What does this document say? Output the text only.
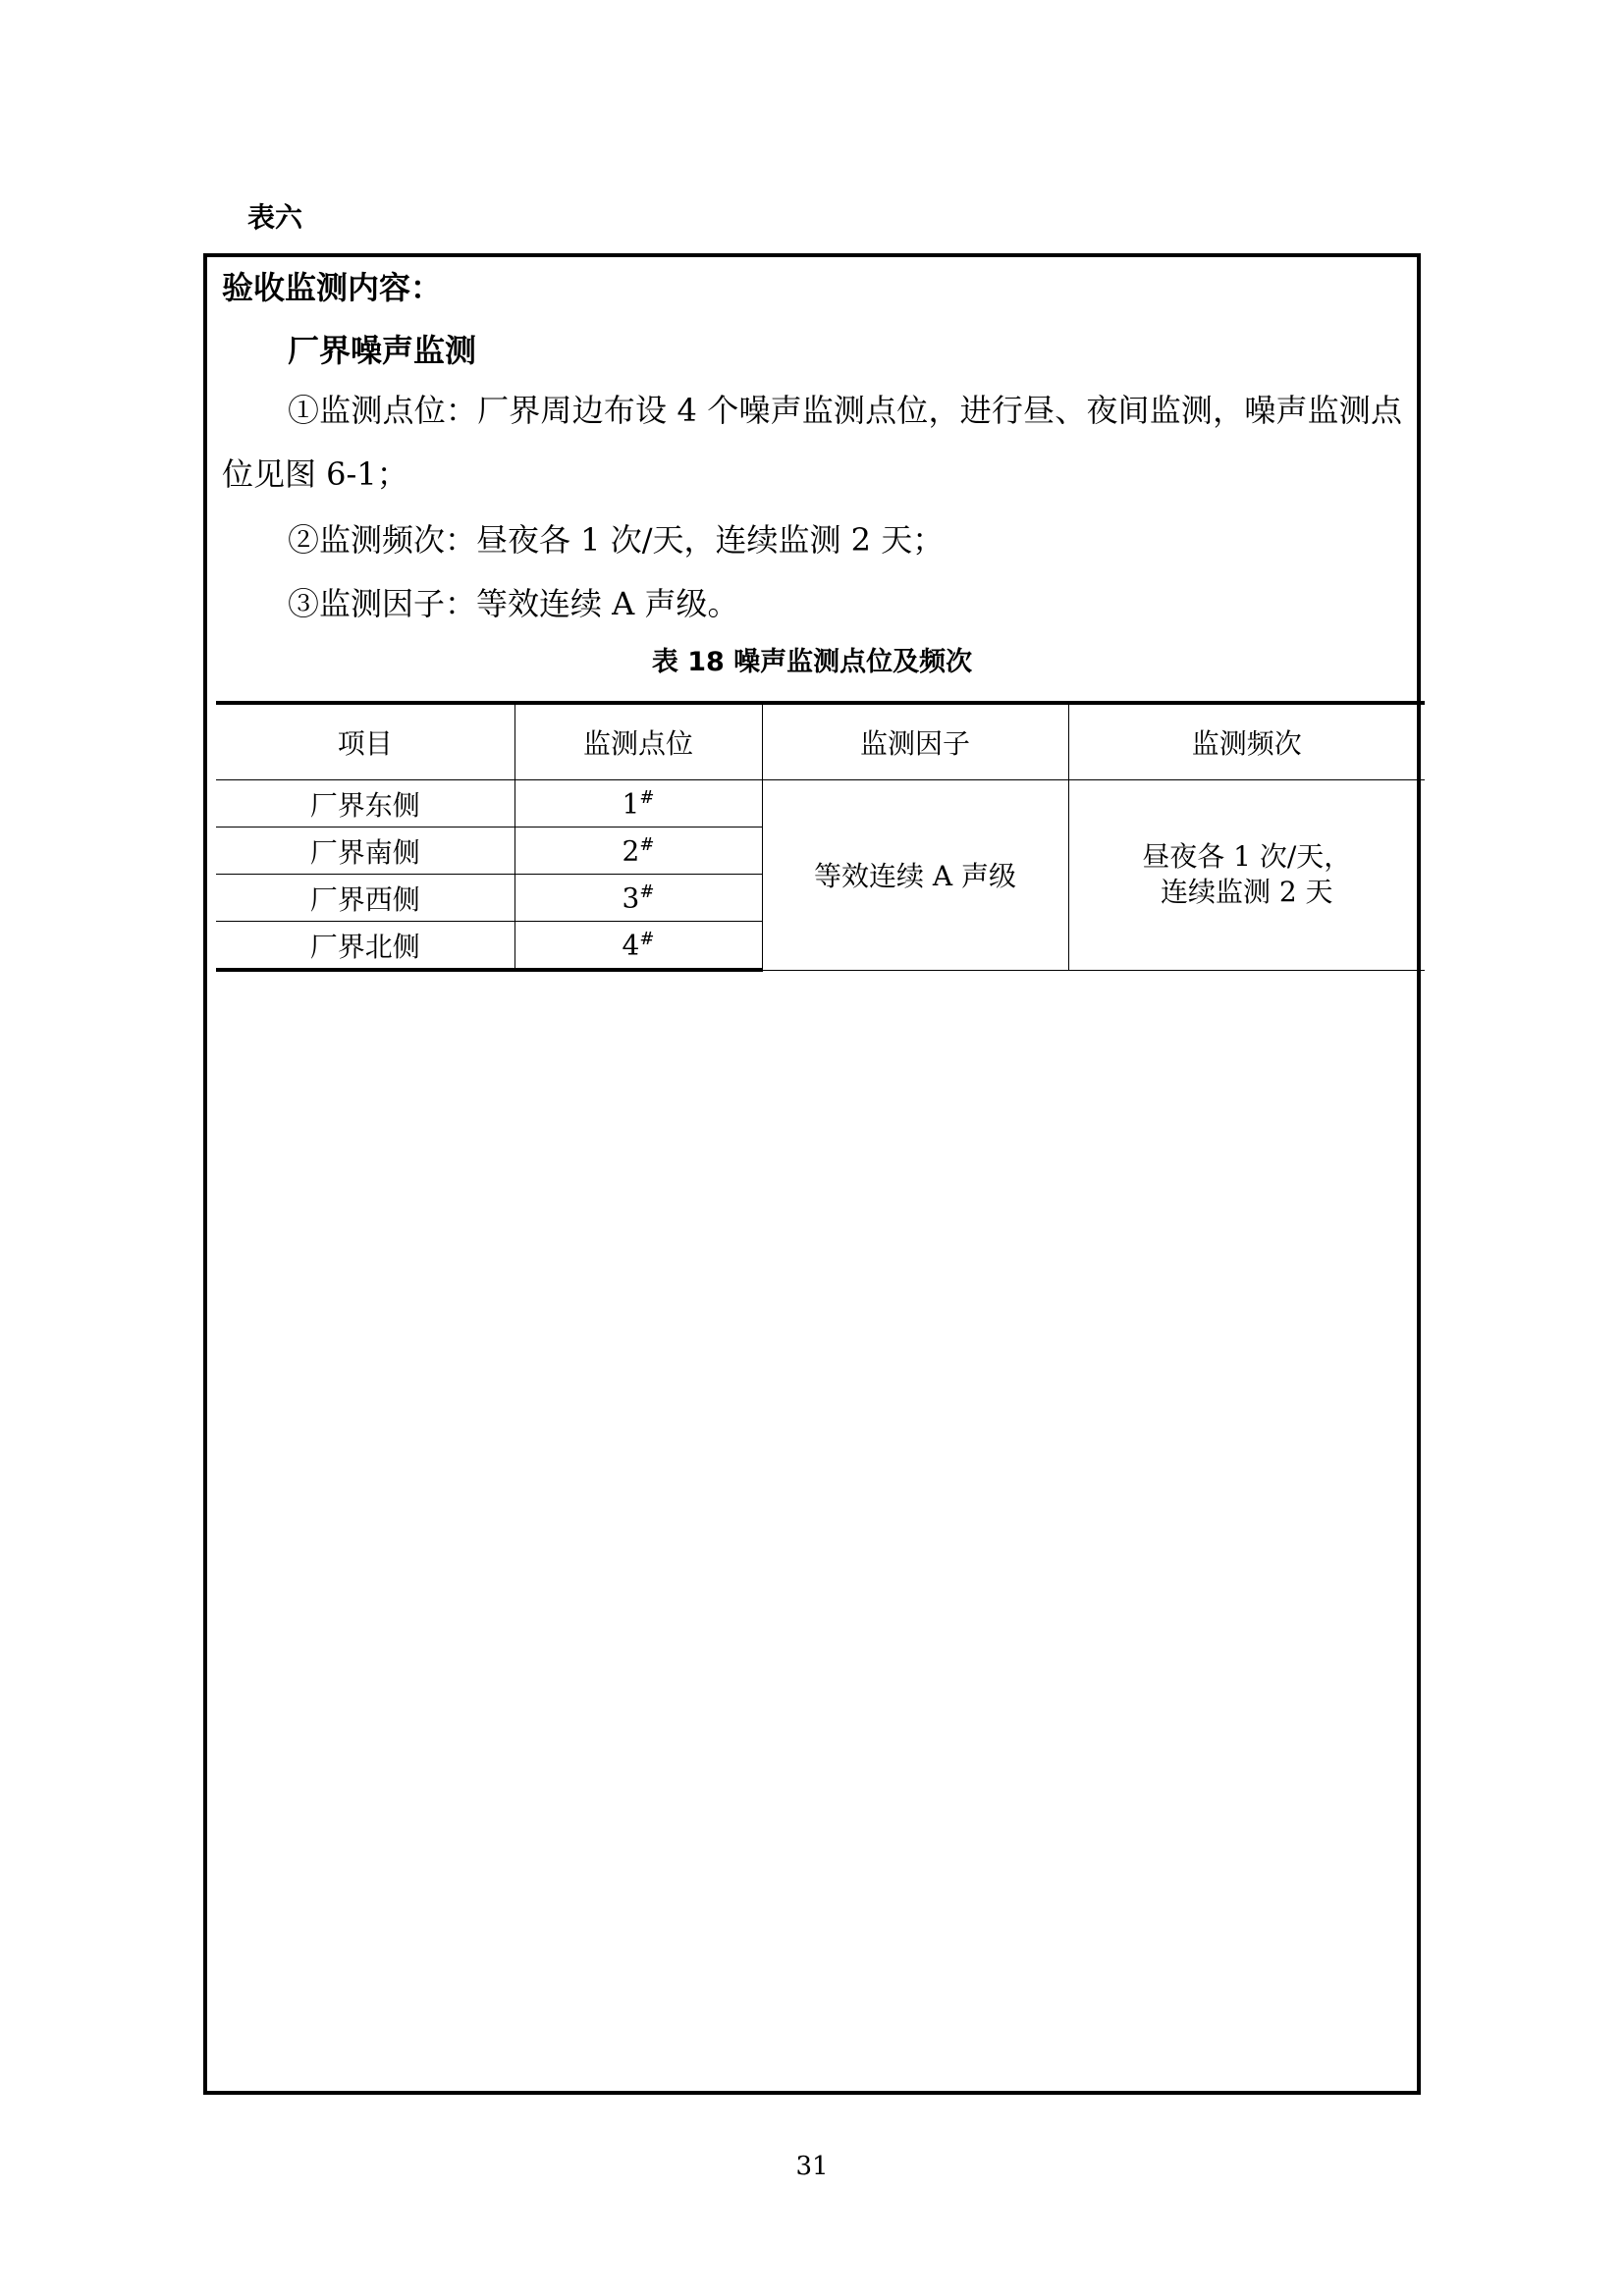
表六
验收监测内容：
厂界噪声监测
①监测点位：厂界周边布设 4 个噪声监测点位，进行昼、夜间监测，噪声监测点位见图 6-1；
②监测频次：昼夜各 1 次/天，连续监测 2 天；
③监测因子：等效连续 A 声级。
表 18 噪声监测点位及频次
项目	监测点位	监测因子	监测频次
厂界东侧	1#	等效连续 A 声级	昼夜各 1 次/天，
连续监测 2 天

厂界南侧	2#
厂界西侧	3#
厂界北侧	4#
31
